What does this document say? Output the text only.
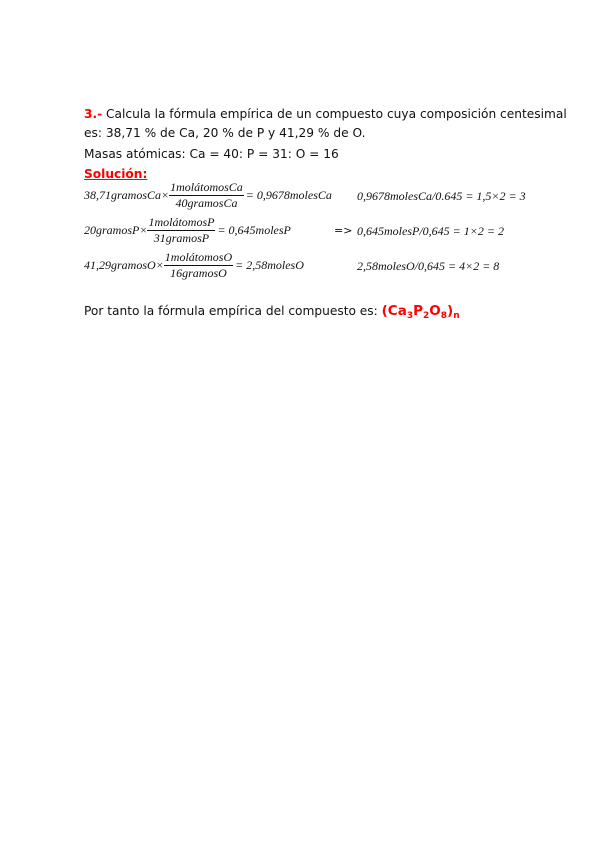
3.- Calcula la fórmula empírica de un compuesto cuya composición centesimal
es: 38,71 % de Ca, 20 % de P y 41,29 % de O.
Masas atómicas: Ca = 40: P = 31: O = 16
Solución:
38,71gramosCa× $\frac{\text{1molátomosCa}}{\text{40gramosCa}}$ = 0,9678molesCa 0,9678molesCa/0.645 = 1,5×2 = 3
20gramosP× $\frac{\text{1molátomosP}}{\text{31gramosP}}$ = 0,645molesP	=> 0,645molesP/0,645 = 1×2 = 2
41,29gramosO× $\frac{\text{1molátomosO}}{\text{16gramosO}}$ = 2,58molesO	2,58molesO/0,645 = 4×2 = 8
Por tanto la fórmula empírica del compuesto es: $(Ca_3P_2O_8)_n$
